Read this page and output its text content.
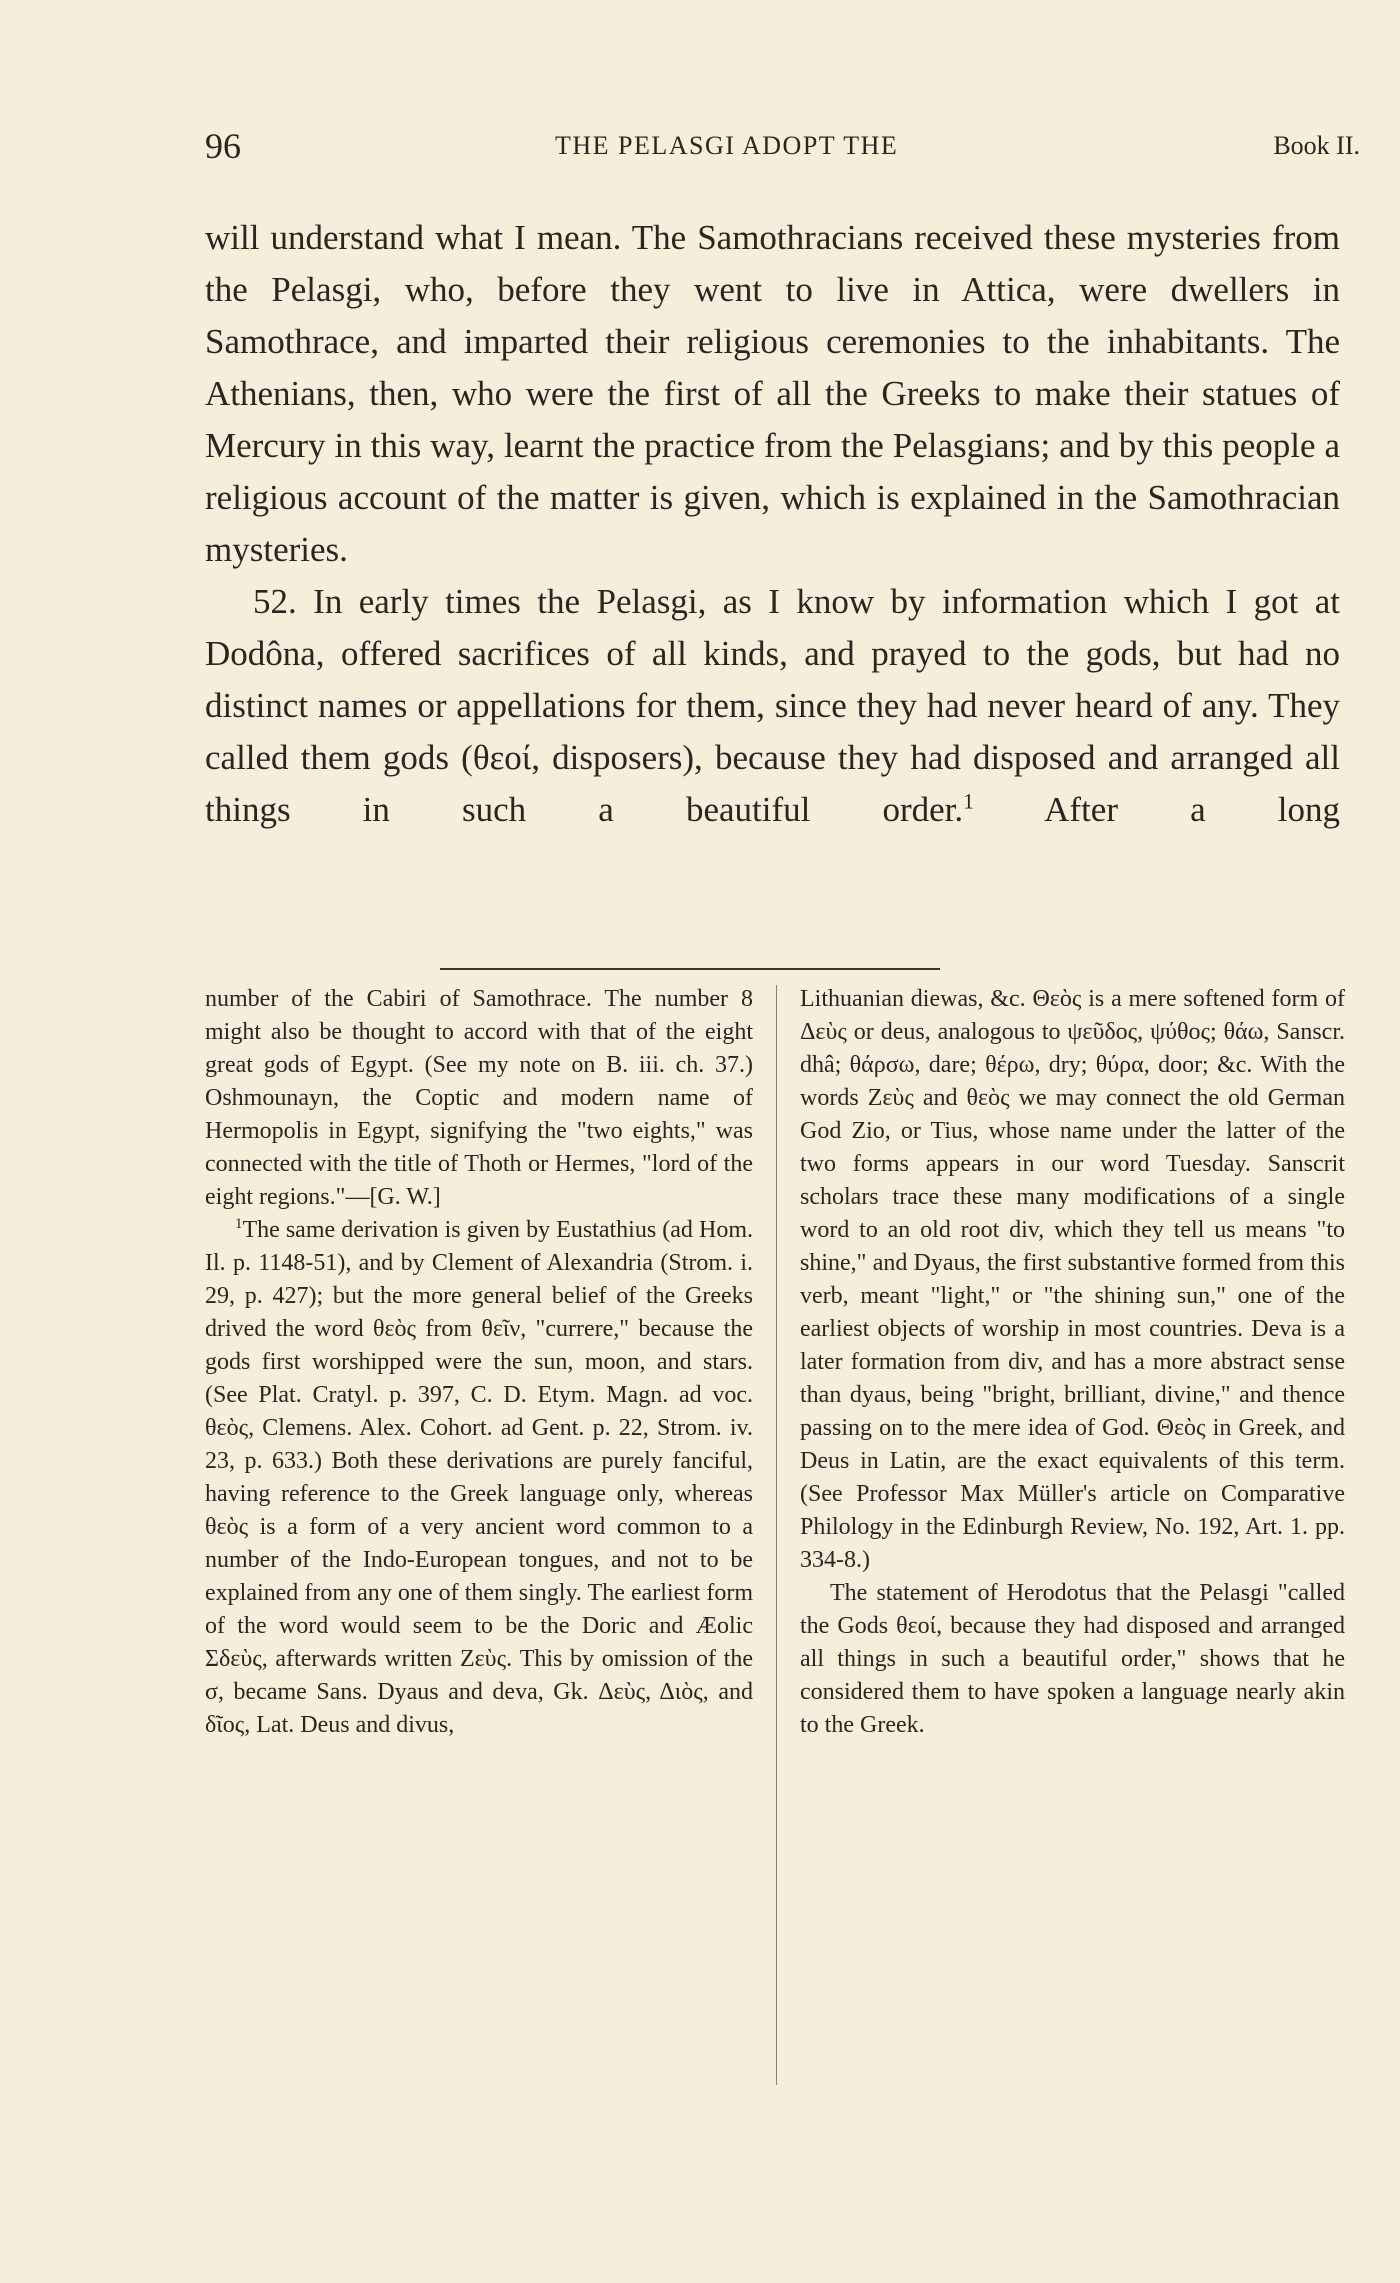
96	THE PELASGI ADOPT THE	Book II.

will understand what I mean. The Samothracians received these mysteries from the Pelasgi, who, before they went to live in Attica, were dwellers in Samothrace, and imparted their religious ceremonies to the inhabitants. The Athenians, then, who were the first of all the Greeks to make their statues of Mercury in this way, learnt the practice from the Pelasgians; and by this people a religious account of the matter is given, which is explained in the Samothracian mysteries.

52. In early times the Pelasgi, as I know by information which I got at Dodôna, offered sacrifices of all kinds, and prayed to the gods, but had no distinct names or appellations for them, since they had never heard of any. They called them gods (θεοί, disposers), because they had disposed and arranged all things in such a beautiful order.$^1$ After a long

number of the Cabiri of Samothrace. The number 8 might also be thought to accord with that of the eight great gods of Egypt. (See my note on B. iii. ch. 37.) Oshmounayn, the Coptic and modern name of Hermopolis in Egypt, signifying the "two eights," was connected with the title of Thoth or Hermes, "lord of the eight regions."—[G. W.]

$^1$The same derivation is given by Eustathius (ad Hom. Il. p. 1148-51), and by Clement of Alexandria (Strom. i. 29, p. 427); but the more general belief of the Greeks drived the word θεὸς from θεῖν, "currere," because the gods first worshipped were the sun, moon, and stars. (See Plat. Cratyl. p. 397, C. D. Etym. Magn. ad voc. θεὸς, Clemens. Alex. Cohort. ad Gent. p. 22, Strom. iv. 23, p. 633.) Both these derivations are purely fanciful, having reference to the Greek language only, whereas θεὸς is a form of a very ancient word common to a number of the Indo-European tongues, and not to be explained from any one of them singly. The earliest form of the word would seem to be the Doric and Æolic Σδεὺς, afterwards written Ζεὺς. This by omission of the σ, became Sans. Dyaus and deva, Gk. Δεὺς, Διὸς, and δῖος, Lat. Deus and divus,

Lithuanian diewas, &c. Θεὸς is a mere softened form of Δεὺς or deus, analogous to ψεῦδος, ψύθος; θάω, Sanscr. dhâ; θάρσω, dare; θέρω, dry; θύρα, door; &c. With the words Ζεὺς and θεὸς we may connect the old German God Zio, or Tius, whose name under the latter of the two forms appears in our word Tuesday. Sanscrit scholars trace these many modifications of a single word to an old root div, which they tell us means "to shine," and Dyaus, the first substantive formed from this verb, meant "light," or "the shining sun," one of the earliest objects of worship in most countries. Deva is a later formation from div, and has a more abstract sense than dyaus, being "bright, brilliant, divine," and thence passing on to the mere idea of God. Θεὸς in Greek, and Deus in Latin, are the exact equivalents of this term. (See Professor Max Müller's article on Comparative Philology in the Edinburgh Review, No. 192, Art. 1. pp. 334-8.)

The statement of Herodotus that the Pelasgi "called the Gods θεοί, because they had disposed and arranged all things in such a beautiful order," shows that he considered them to have spoken a language nearly akin to the Greek.
